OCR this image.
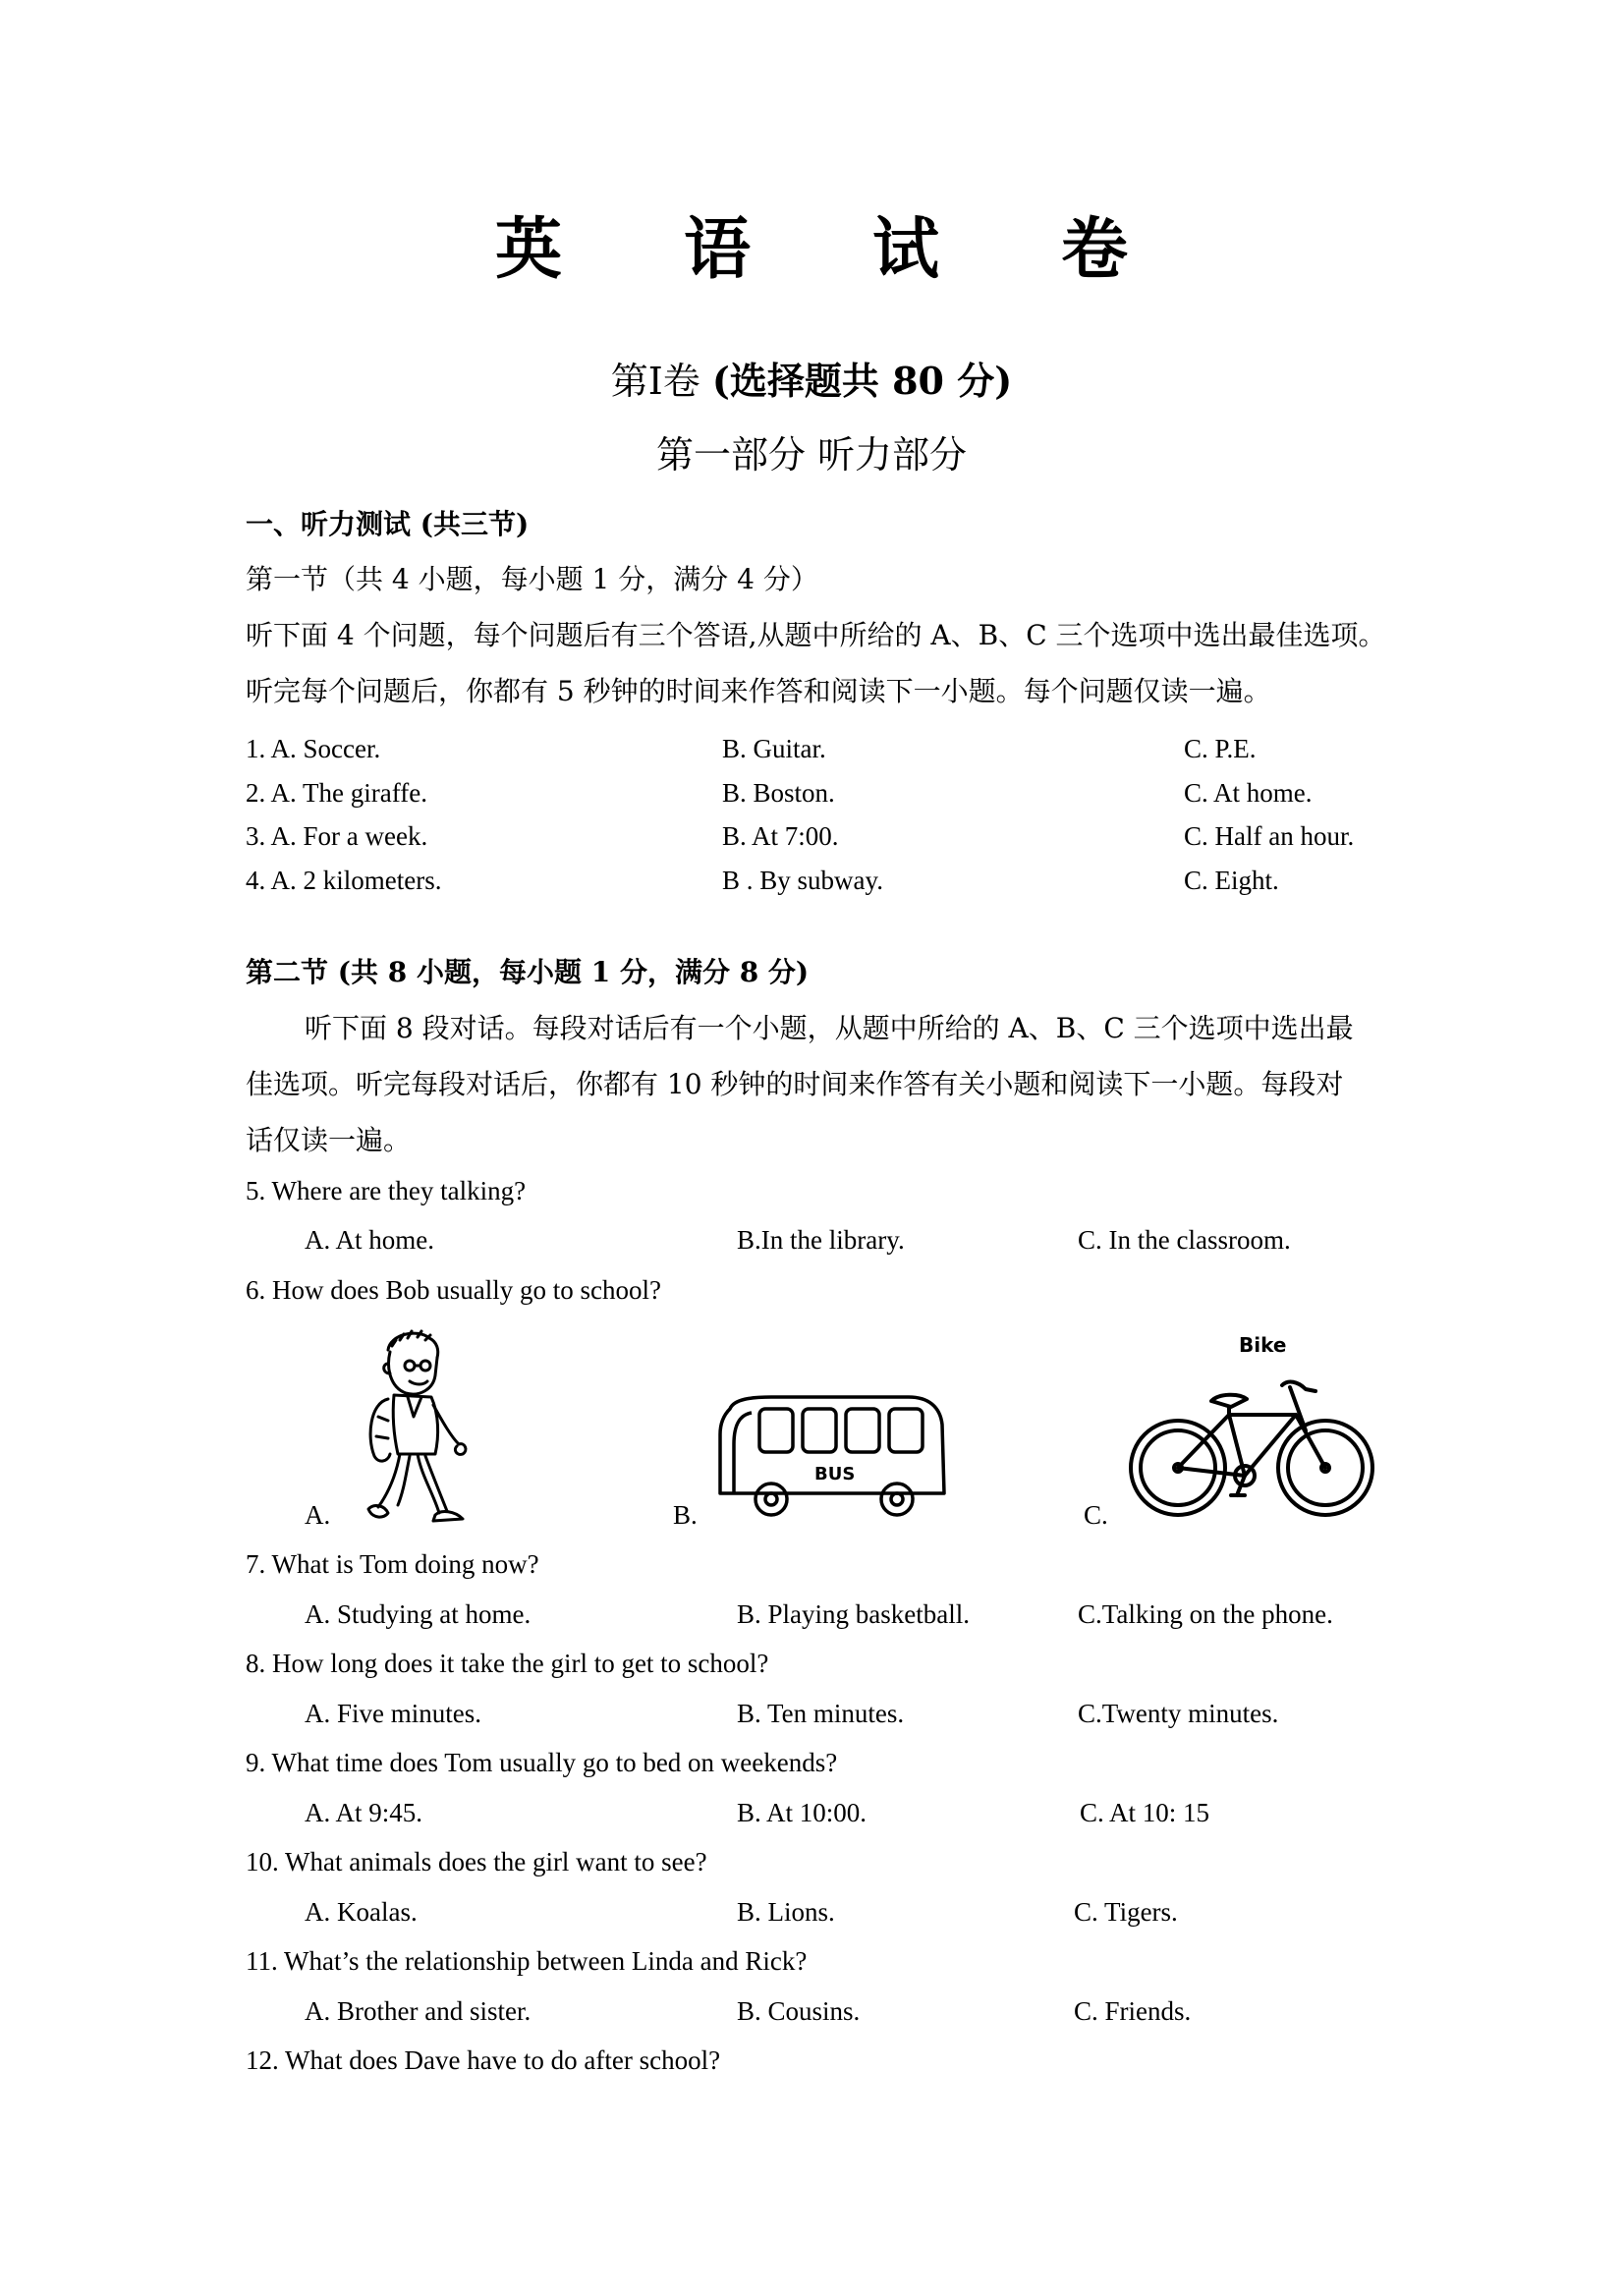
英 语 试 卷
第Ⅰ卷 (选择题共 80 分)
第一部分 听力部分
一、听力测试 (共三节)
第一节（共 4 小题，每小题 1 分，满分 4 分）
听下面 4 个问题，每个问题后有三个答语,从题中所给的 A、B、C 三个选项中选出最佳选项。
听完每个问题后，你都有 5 秒钟的时间来作答和阅读下一小题。每个问题仅读一遍。
1. A. Soccer.	B. Guitar.	C. P.E.
2. A. The giraffe.	B. Boston.	C. At home.
3. A. For a week.	B. At 7:00.	C. Half an hour.
4. A. 2 kilometers.	B . By subway.	C. Eight.
第二节 (共 8 小题，每小题 1 分，满分 8 分)
听下面 8 段对话。每段对话后有一个小题，从题中所给的 A、B、C 三个选项中选出最
佳选项。听完每段对话后，你都有 10 秒钟的时间来作答有关小题和阅读下一小题。每段对
话仅读一遍。
5. Where are they talking?
A. At home.	B.In the library.	C. In the classroom.
6. How does Bob usually go to school?
A.	B.	C.
BUS
Bike
7. What is Tom doing now?
A. Studying at home.	B. Playing basketball.	C.Talking on the phone.
8. How long does it take the girl to get to school?
A. Five minutes.	B. Ten minutes.	C.Twenty minutes.
9. What time does Tom usually go to bed on weekends?
A. At 9:45.	B. At 10:00.	C. At 10: 15
10. What animals does the girl want to see?
A. Koalas.	B. Lions.	C. Tigers.
11. What’s the relationship between Linda and Rick?
A. Brother and sister.	B. Cousins.	C. Friends.
12. What does Dave have to do after school?
